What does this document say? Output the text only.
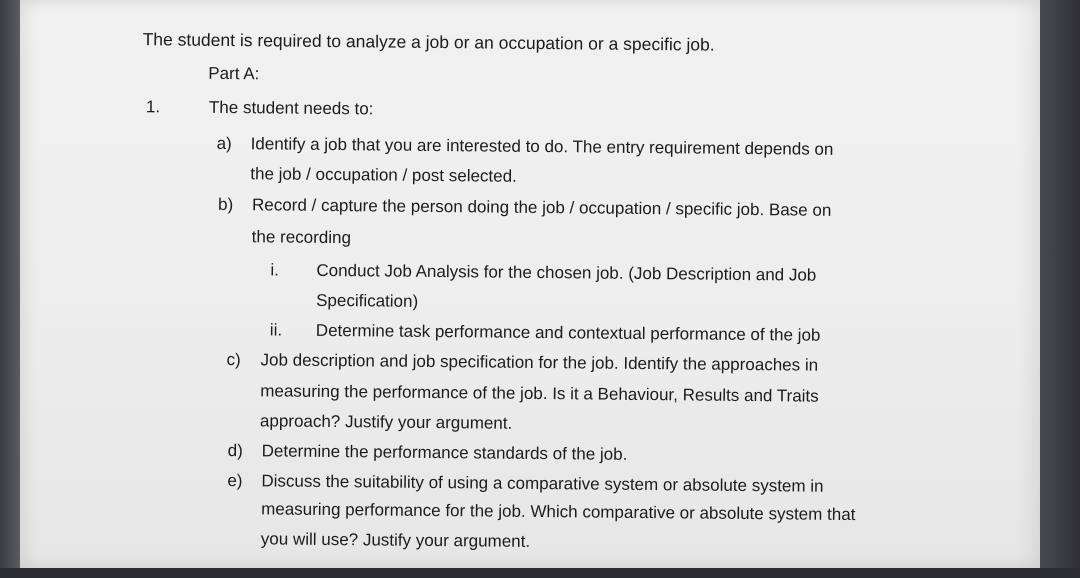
The student is required to analyze a job or an occupation or a specific job.
Part A:
1.	The student needs to:
a) Identify a job that you are interested to do. The entry requirement depends on
the job / occupation / post selected.
b) Record / capture the person doing the job / occupation / specific job. Base on
the recording
i. Conduct Job Analysis for the chosen job. (Job Description and Job
Specification)
ii. Determine task performance and contextual performance of the job
c) Job description and job specification for the job. Identify the approaches in
measuring the performance of the job. Is it a Behaviour, Results and Traits
approach? Justify your argument.
d) Determine the performance standards of the job.
e) Discuss the suitability of using a comparative system or absolute system in
measuring performance for the job. Which comparative or absolute system that
you will use? Justify your argument.
